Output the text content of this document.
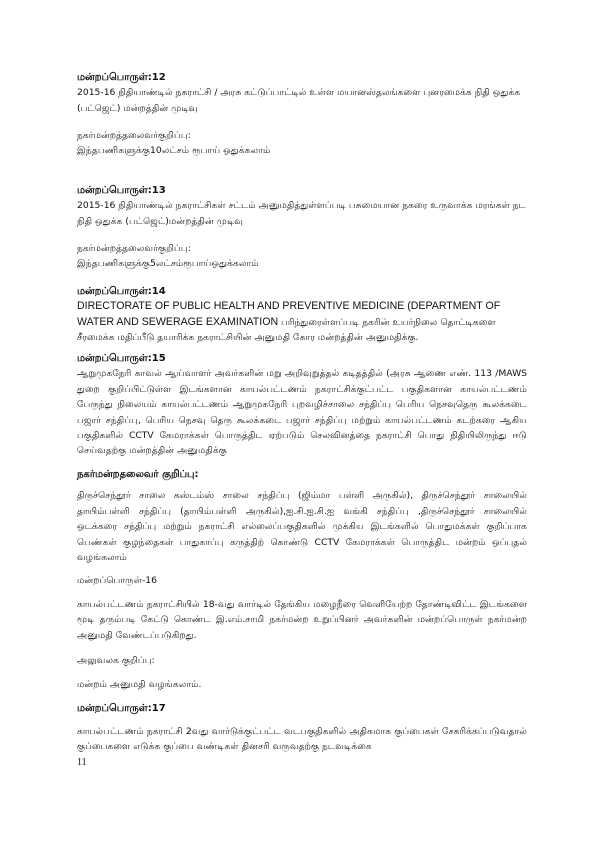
மன்றப்பொருள்:12

2015-16 நிதியாண்டில் நகராட்சி / அரசு கட்டுப்பாட்டில் உள்ள மயானஸ்தலங்களை புனரமைக்க நிதி ஒதுக்க (பட்ஜெட்) மன்றத்தின் முடிவு

நகர்மன்றத்தலைவர்குறிப்பு:

இந்தபணிகளுக்கு10லட்சம் ரூபாய் ஒதுக்கலாம்

மன்றப்பொருள்:13

2015-16 நிதியாண்டில் நகராட்சிகள் சட்டம் அனுமதித்துள்ளப்படி பசுமையான நகரை உருவாக்க மரங்கள் நட நிதி ஒதுக்க (பட்ஜெட்)மன்றத்தின் முடிவு

நகர்மன்றத்தலைவர்குறிப்பு:

இந்தபணிகளுக்கு5லட்சம்ரூபாய்ஒதுக்கலாம்

மன்றப்பொருள்:14

DIRECTORATE OF PUBLIC HEALTH AND PREVENTIVE MEDICINE (DEPARTMENT OF WATER AND SEWERAGE EXAMINATION பரிந்துரைள்ளப்படி நகரின் உயர்நிலை தொட்டிகளை சீரமைக்க மதிப்பீடு தயாரிக்க நகராட்சியின் அனுமதி கோர மன்றத்தின் அனுமதிக்கு.

மன்றப்பொருள்:15

ஆறுமுகநேரி காவல் ஆய்வாளர் அவர்களின் மறு அறிவுறுத்தல் கடிதத்தில் (அரசு ஆணை எண். 113 /MAWS துறை குறிப்பிட்டுள்ள இடங்களான காயல்பட்டணம் நகராட்சிக்குட்பட்ட பகுதிகளான காயல்பட்டணம் பேருந்து நிலையம் காயல்பட்டணம் ஆறுமுகநேரி புறவழிச்சாலை சந்திப்பு பெரிய நெசவுதெரு கூலக்கடை பஜார் சந்திப்பு, பெரிய நெசவு தெரு கூலக்கடை பஜார் சந்திப்பு மற்றும் காயல்பட்டணம் கடற்கரை ஆகிய பகுதிகளில் CCTV கேமராக்கள் பொருத்திட ஏற்படும் செலவினத்தை நகராட்சி பொது நிதியிலிருந்து ஈடு செய்வதற்கு மன்றத்தின் அனுமதிக்கு

நகர்மன்றதலைவர் குறிப்பு:

திருச்செந்தூர் சாலை கஸ்டம்ஸ் சாலை சந்திப்பு (ஜிம்மா பள்ளி அருகில்), திருச்செந்தூர் சாலையில் தாயிம்பள்ளி சந்திப்பு (தாயிம்பள்ளி அருகில்),ஐ.சி.ஐ.சி.ஐ வங்கி சந்திப்பு ,திருச்செந்தூர் சாலையில் ஒடக்கரை சந்திப்பு மற்றும் நகராட்சி எல்லைப்பகுதிகளில் முக்கிய இடங்களில் பொதுமக்கள் குறிப்பாக பெண்கள் குழந்தைகள் பாதுகாப்பு கருத்திற் கொண்டு CCTV கேமராக்கள் பொருத்திட மன்றம் ஒப்புதல் வழங்கலாம்

மன்றப்பொருள்-16

காயல்பட்டணம் நகராட்சியில் 18-வது வார்டில் தேங்கிய மழைநீரை வெளியேற்ற தோண்டிவிட்ட இடங்களை மூடி தரும்படி கேட்டு கொண்ட இ.எம்.சாமி நகர்மன்ற உறுப்பினர் அவர்களின் மன்றப்பொருள் நகர்மன்ற அனுமதி வேண்டப்படுகிறது.

அலுவலக குறிப்பு:

மன்றம் அனுமதி வழங்கலாம்.

மன்றப்பொருள்:17

காயல்பட்டணம் நகராட்சி 2வது வார்டுக்குட்பட்ட வடபகுதிகளில் அதிகமாக குப்பைகள் சேகரிக்கப்படுவதால் குப்பைகளை எடுக்க குப்பை வண்டிகள் தினசரி வருவதற்கு நடவடிக்கை

11
